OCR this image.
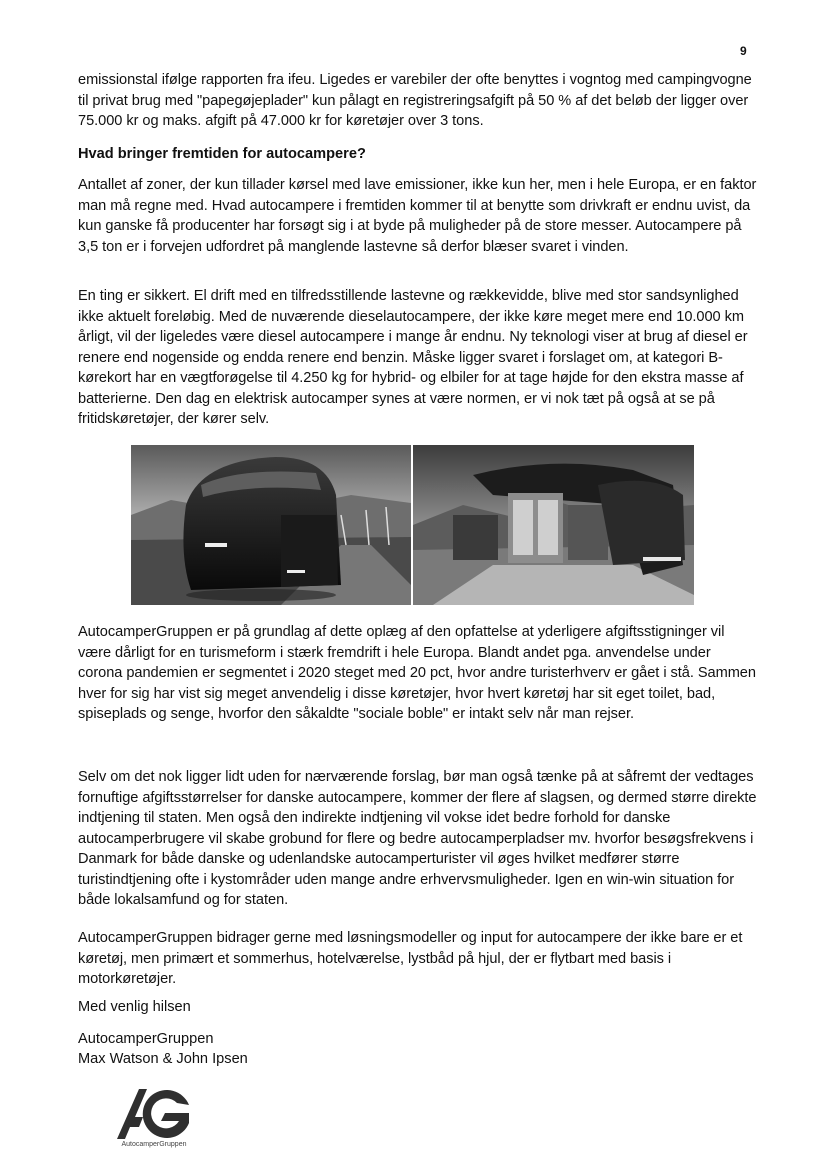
9

emissionstal ifølge rapporten fra ifeu. Ligedes er varebiler der ofte benyttes i vogntog med campingvogne til privat brug med "papegøjeplader" kun pålagt en registreringsafgift på 50 % af det beløb der ligger over 75.000 kr og maks. afgift på 47.000 kr for køretøjer over 3 tons.

Hvad bringer fremtiden for autocampere?

Antallet af zoner, der kun tillader kørsel med lave emissioner, ikke kun her, men i hele Europa, er en faktor man må regne med. Hvad autocampere i fremtiden kommer til at benytte som drivkraft er endnu uvist, da kun ganske få producenter har forsøgt sig i at byde på muligheder på de store messer. Autocampere på 3,5 ton er i forvejen udfordret på manglende lastevne så derfor blæser svaret i vinden.

En ting er sikkert. El drift med en tilfredsstillende lastevne og rækkevidde, blive med stor sandsynlighed ikke aktuelt foreløbig. Med de nuværende dieselautocampere, der ikke køre meget mere end 10.000 km årligt, vil der ligeledes være diesel autocampere i mange år endnu. Ny teknologi viser at brug af diesel er renere end nogenside og endda renere end benzin. Måske ligger svaret i forslaget om, at kategori B-kørekort har en vægtforøgelse til 4.250 kg for hybrid- og elbiler for at tage højde for den ekstra masse af batterierne. Den dag en elektrisk autocamper synes at være normen, er vi nok tæt på også at se på fritidskøretøjer, der kører selv.

AutocamperGruppen er på grundlag af dette oplæg af den opfattelse at yderligere afgiftsstigninger vil være dårligt for en turismeform i stærk fremdrift i hele Europa. Blandt andet pga. anvendelse under corona pandemien er segmentet i 2020 steget med 20 pct, hvor andre turisterhverv er gået i stå. Sammen hver for sig har vist sig meget anvendelig i disse køretøjer, hvor hvert køretøj har sit eget toilet, bad, spiseplads og senge, hvorfor den såkaldte "sociale boble" er intakt selv når man rejser.

Selv om det nok ligger lidt uden for nærværende forslag, bør man også tænke på at såfremt der vedtages fornuftige afgiftsstørrelser for danske autocampere, kommer der flere af slagsen, og dermed større direkte indtjening til staten. Men også den indirekte indtjening vil vokse idet bedre forhold for danske autocamperbrugere vil skabe grobund for flere og bedre autocamperpladser mv. hvorfor besøgsfrekvens i Danmark for både danske og udenlandske autocamperturister vil øges hvilket medfører større turistindtjening ofte i kystområder uden mange andre erhvervsmuligheder. Igen en win-win situation for både lokalsamfund og for staten.

AutocamperGruppen bidrager gerne med løsningsmodeller og input for autocampere der ikke bare er et køretøj, men primært et sommerhus, hotelværelse, lystbåd på hjul, der er flytbart med basis i motorkøretøjer.

Med venlig hilsen

AutocamperGruppen

Max Watson & John Ipsen

AutocamperGruppen
